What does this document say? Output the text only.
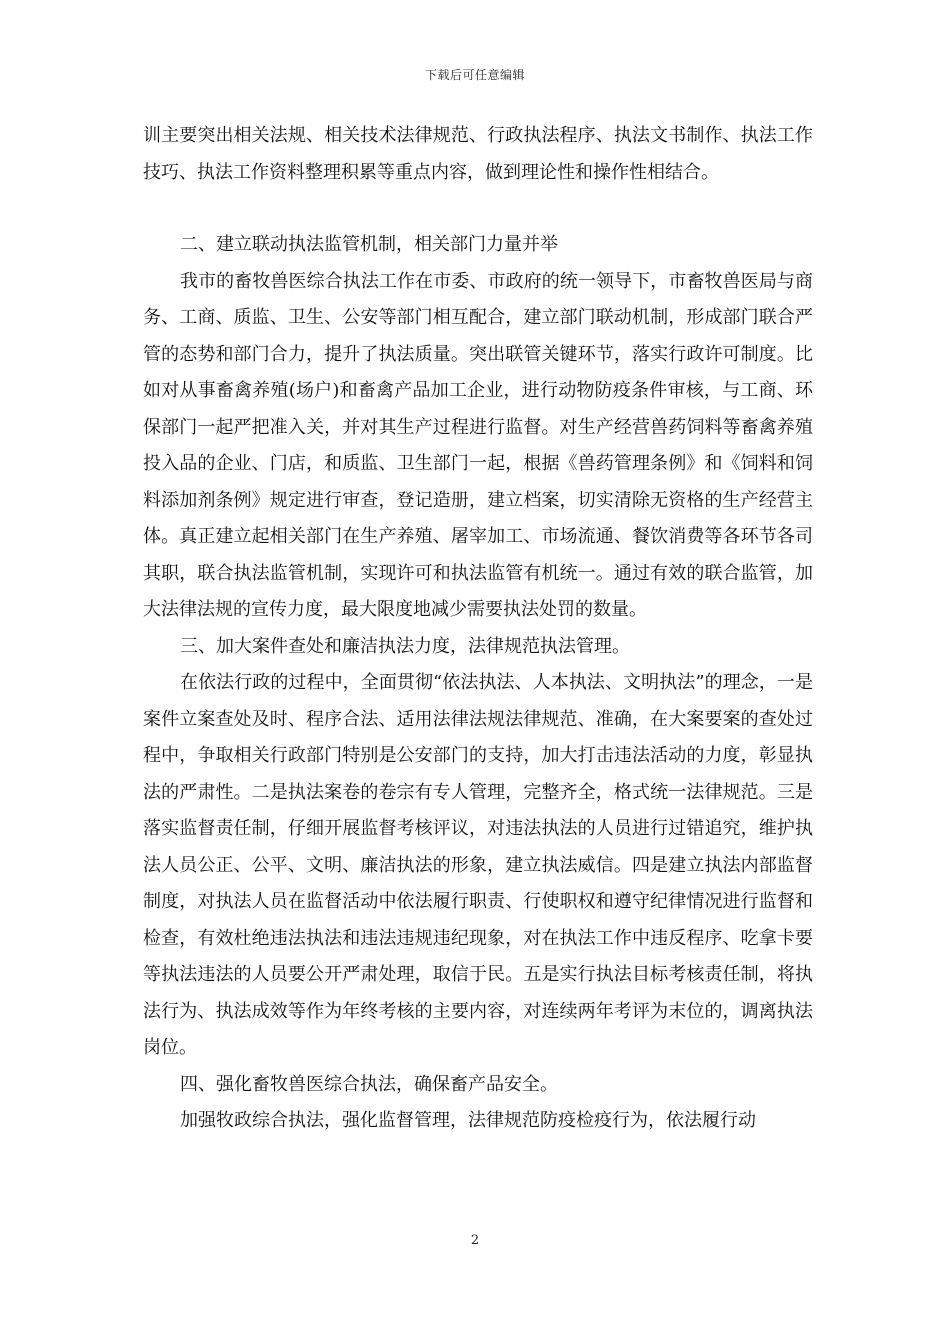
下载后可任意编辑

训主要突出相关法规、相关技术法律规范、行政执法程序、执法文书制作、执法工作技巧、执法工作资料整理积累等重点内容，做到理论性和操作性相结合。

二、建立联动执法监管机制，相关部门力量并举

我市的畜牧兽医综合执法工作在市委、市政府的统一领导下，市畜牧兽医局与商务、工商、质监、卫生、公安等部门相互配合，建立部门联动机制，形成部门联合严管的态势和部门合力，提升了执法质量。突出联管关键环节，落实行政许可制度。比如对从事畜禽养殖(场户)和畜禽产品加工企业，进行动物防疫条件审核，与工商、环保部门一起严把准入关，并对其生产过程进行监督。对生产经营兽药饲料等畜禽养殖投入品的企业、门店，和质监、卫生部门一起，根据《兽药管理条例》和《饲料和饲料添加剂条例》规定进行审查，登记造册，建立档案，切实清除无资格的生产经营主体。真正建立起相关部门在生产养殖、屠宰加工、市场流通、餐饮消费等各环节各司其职，联合执法监管机制，实现许可和执法监管有机统一。通过有效的联合监管，加大法律法规的宣传力度，最大限度地减少需要执法处罚的数量。

三、加大案件查处和廉洁执法力度，法律规范执法管理。

在依法行政的过程中，全面贯彻“依法执法、人本执法、文明执法”的理念，一是案件立案查处及时、程序合法、适用法律法规法律规范、准确，在大案要案的查处过程中，争取相关行政部门特别是公安部门的支持，加大打击违法活动的力度，彰显执法的严肃性。二是执法案卷的卷宗有专人管理，完整齐全，格式统一法律规范。三是落实监督责任制，仔细开展监督考核评议，对违法执法的人员进行过错追究，维护执法人员公正、公平、文明、廉洁执法的形象，建立执法威信。四是建立执法内部监督制度，对执法人员在监督活动中依法履行职责、行使职权和遵守纪律情况进行监督和检查，有效杜绝违法执法和违法违规违纪现象，对在执法工作中违反程序、吃拿卡要等执法违法的人员要公开严肃处理，取信于民。五是实行执法目标考核责任制，将执法行为、执法成效等作为年终考核的主要内容，对连续两年考评为末位的，调离执法岗位。

四、强化畜牧兽医综合执法，确保畜产品安全。

加强牧政综合执法，强化监督管理，法律规范防疫检疫行为，依法履行动

2
